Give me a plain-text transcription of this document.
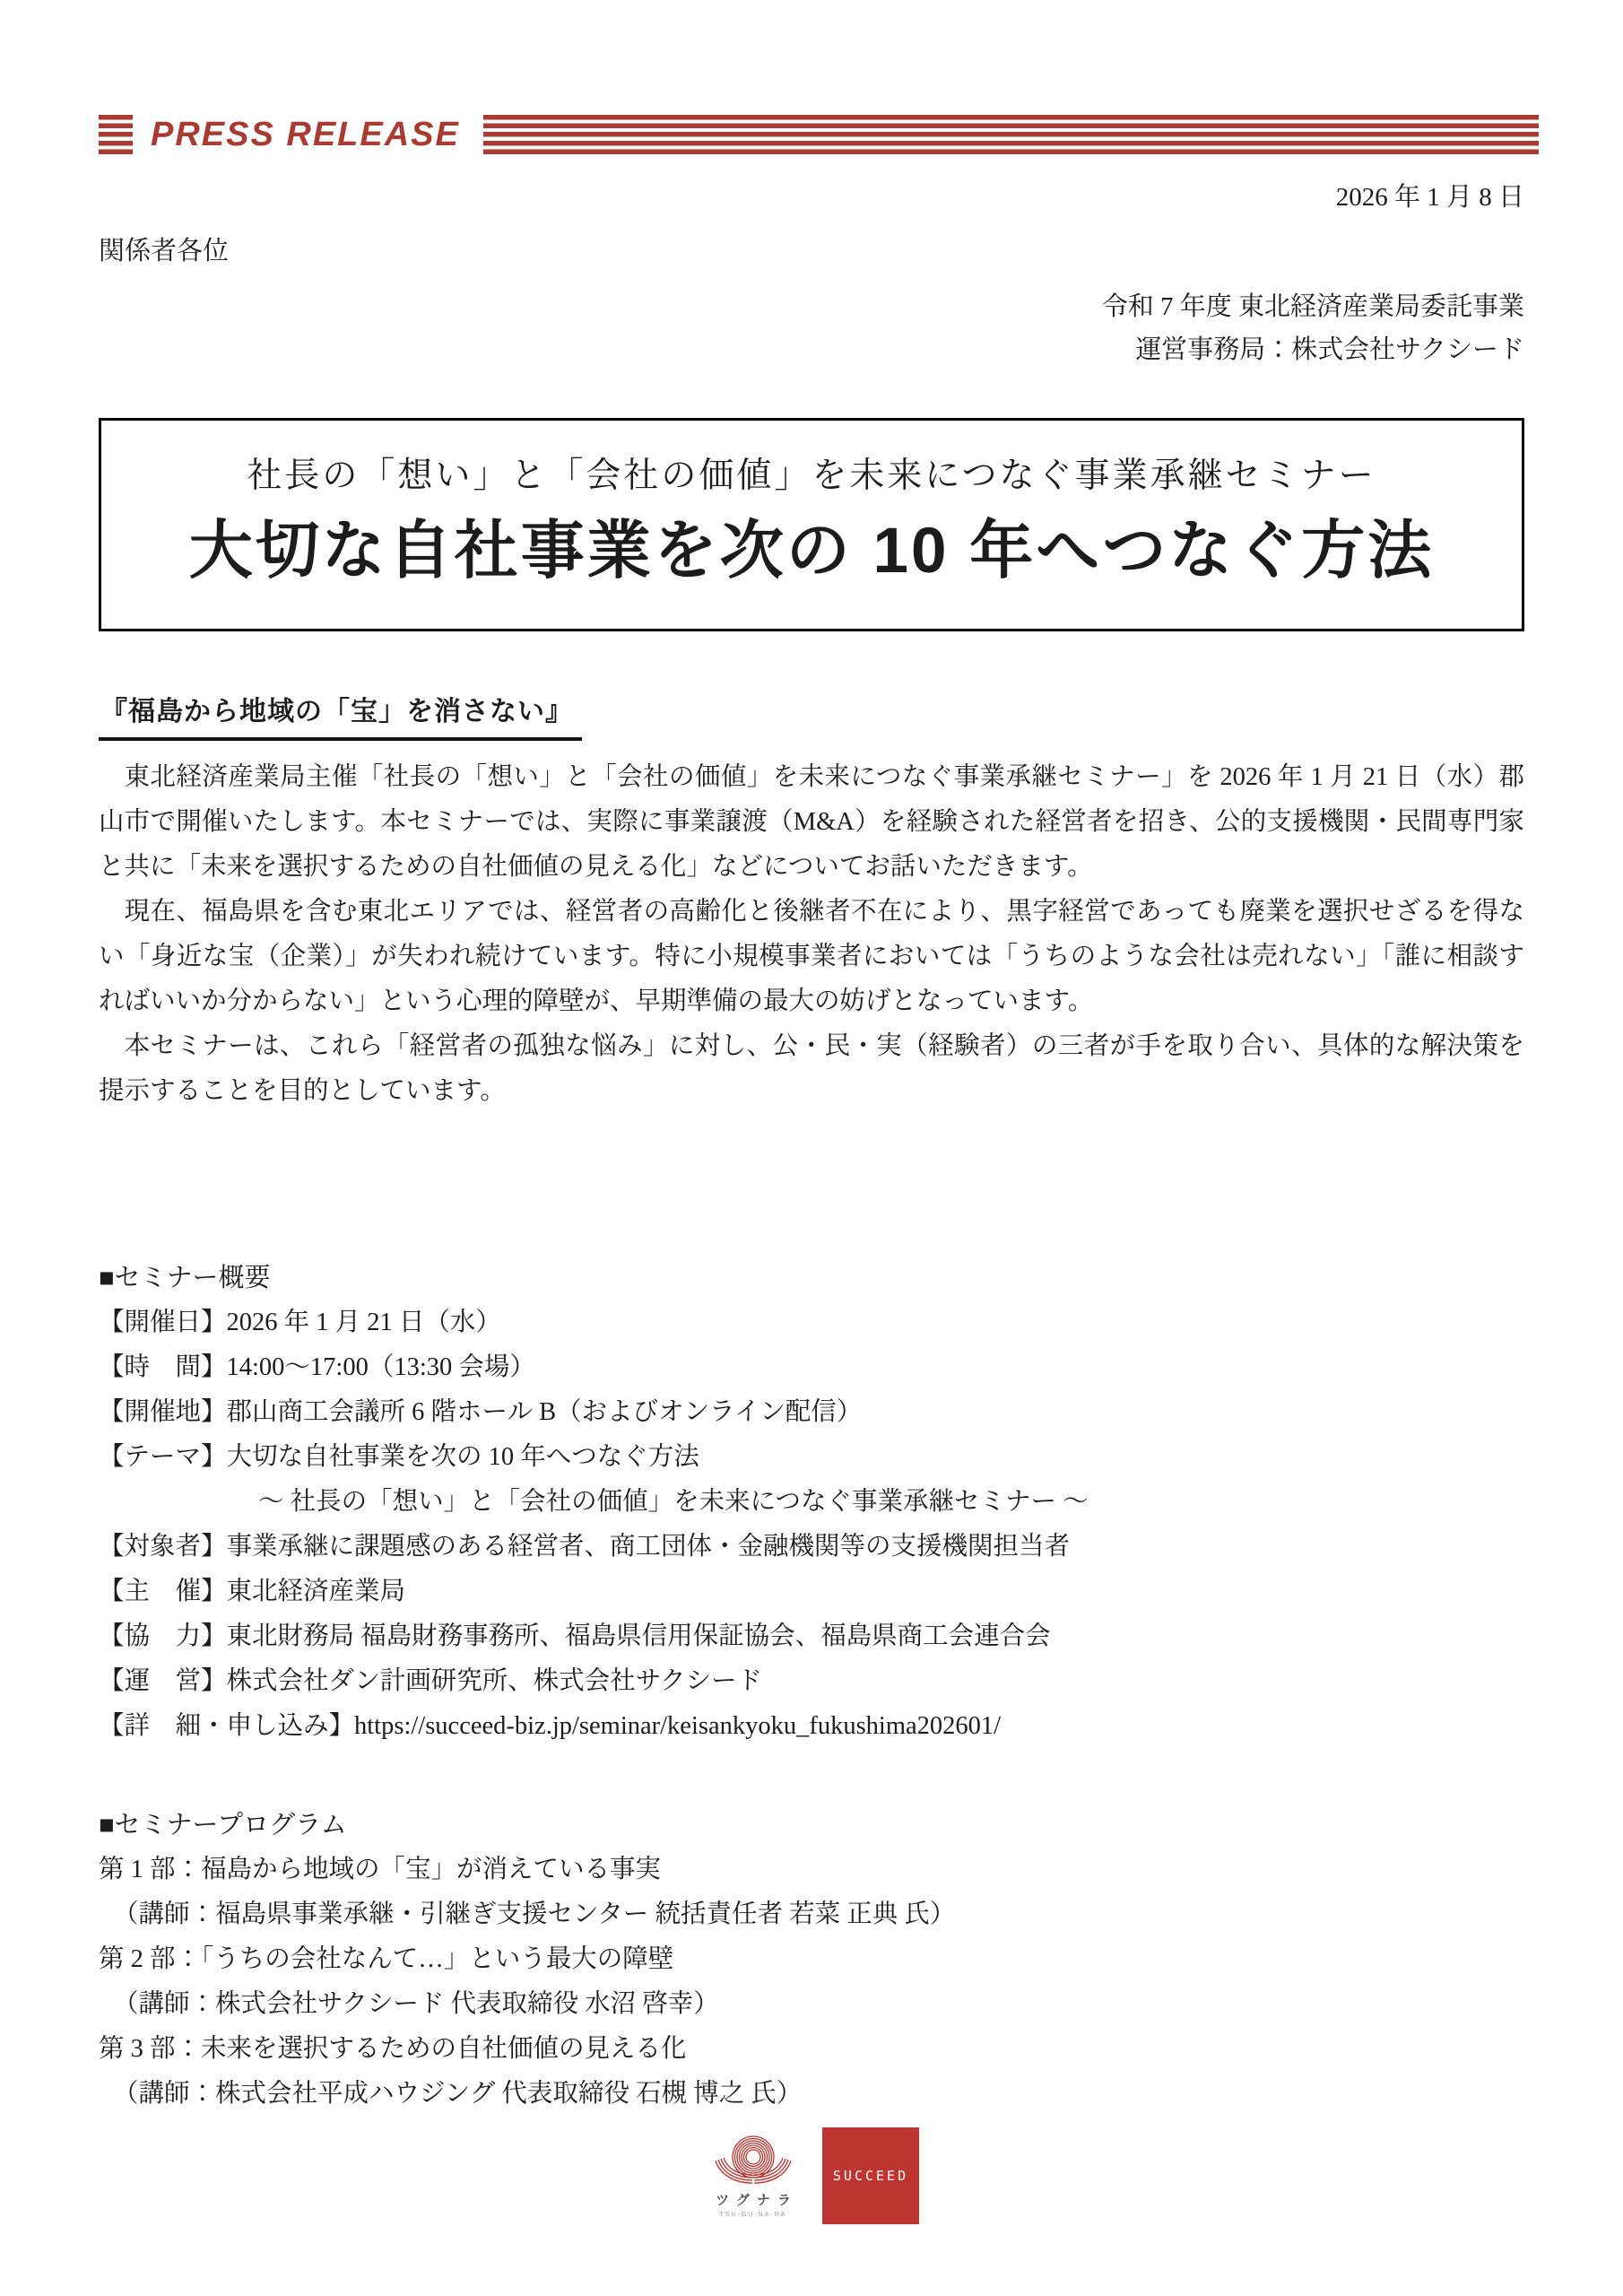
PRESS RELEASE
2026 年 1 月 8 日
関係者各位
令和 7 年度 東北経済産業局委託事業
運営事務局：株式会社サクシード
社長の「想い」と「会社の価値」を未来につなぐ事業承継セミナー
大切な自社事業を次の 10 年へつなぐ方法
『福島から地域の「宝」を消さない』

東北経済産業局主催「社長の「想い」と「会社の価値」を未来につなぐ事業承継セミナー」を 2026 年 1 月 21 日（水）郡山市で開催いたします。本セミナーでは、実際に事業譲渡（M&A）を経験された経営者を招き、公的支援機関・民間専門家と共に「未来を選択するための自社価値の見える化」などについてお話いただきます。

現在、福島県を含む東北エリアでは、経営者の高齢化と後継者不在により、黒字経営であっても廃業を選択せざるを得ない「身近な宝（企業）」が失われ続けています。特に小規模事業者においては「うちのような会社は売れない」「誰に相談すればいいか分からない」という心理的障壁が、早期準備の最大の妨げとなっています。

本セミナーは、これら「経営者の孤独な悩み」に対し、公・民・実（経験者）の三者が手を取り合い、具体的な解決策を提示することを目的としています。

■セミナー概要
【開催日】2026 年 1 月 21 日（水）
【時　間】14:00～17:00（13:30 会場）
【開催地】郡山商工会議所 6 階ホール B（およびオンライン配信）
【テーマ】大切な自社事業を次の 10 年へつなぐ方法
～ 社長の「想い」と「会社の価値」を未来につなぐ事業承継セミナー ～
【対象者】事業承継に課題感のある経営者、商工団体・金融機関等の支援機関担当者
【主　催】東北経済産業局
【協　力】東北財務局 福島財務事務所、福島県信用保証協会、福島県商工会連合会
【運　営】株式会社ダン計画研究所、株式会社サクシード
【詳　細・申し込み】https://succeed-biz.jp/seminar/keisankyoku_fukushima202601/
■セミナープログラム
第 1 部：福島から地域の「宝」が消えている事実
（講師：福島県事業承継・引継ぎ支援センター 統括責任者 若菜 正典 氏）
第 2 部：「うちの会社なんて…」という最大の障壁
（講師：株式会社サクシード 代表取締役 水沼 啓幸）
第 3 部：未来を選択するための自社価値の見える化
（講師：株式会社平成ハウジング 代表取締役 石槻 博之 氏）
ツグナラ
TSU-GU-NA-RA
SUCCEED
